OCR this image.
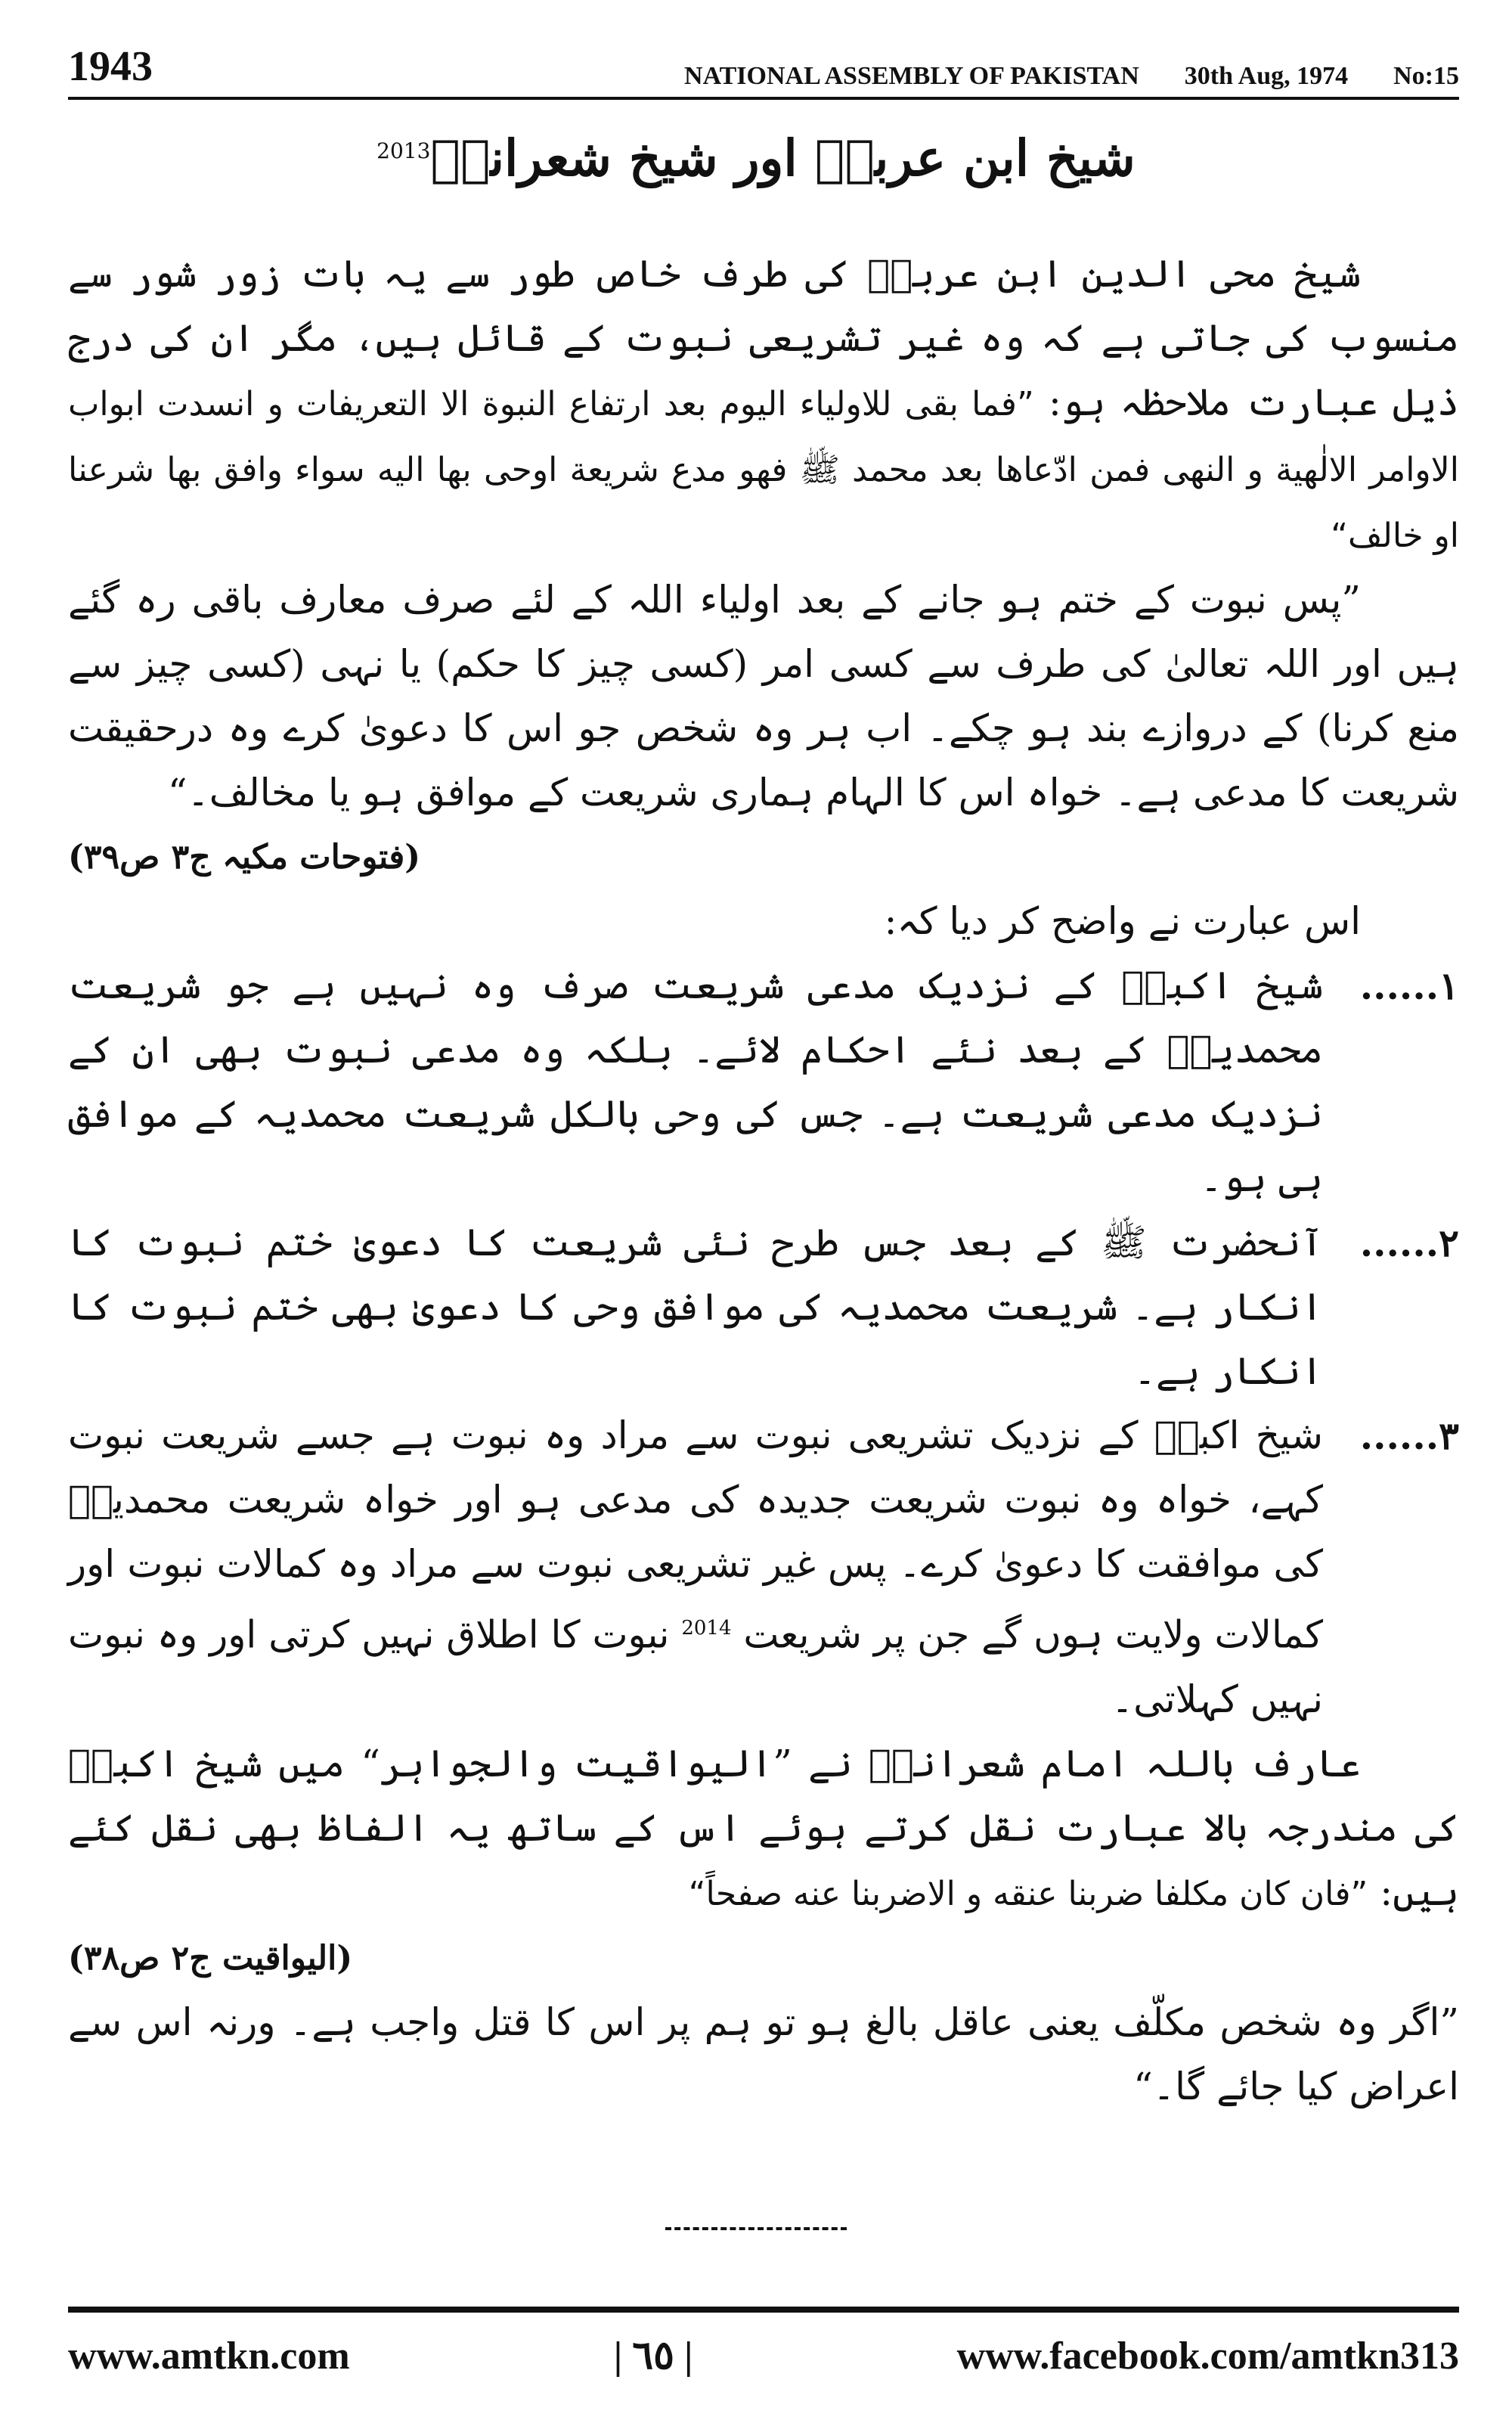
1943	NATIONAL ASSEMBLY OF PAKISTAN 30th Aug, 1974 No:15
شیخ ابن عربیؒ اور شیخ شعرانیؒ$^{2013}$

شیخ محی الدین ابن عربیؒ کی طرف خاص طور سے یہ بات زور شور سے منسوب کی جاتی ہے کہ وہ غیر تشریعی نبوت کے قائل ہیں، مگر ان کی درج ذیل عبارت ملاحظہ ہو: ”فما بقی للاولیاء الیوم بعد ارتفاع النبوة الا التعریفات و انسدت ابواب الاوامر الالٰهیة و النهی فمن ادّعاها بعد محمد ﷺ فهو مدع شریعة اوحی بها الیه سواء وافق بها شرعنا او خالف“

”پس نبوت کے ختم ہو جانے کے بعد اولیاء اللہ کے لئے صرف معارف باقی رہ گئے ہیں اور اللہ تعالیٰ کی طرف سے کسی امر (کسی چیز کا حکم) یا نہی (کسی چیز سے منع کرنا) کے دروازے بند ہو چکے۔ اب ہر وہ شخص جو اس کا دعویٰ کرے وہ درحقیقت شریعت کا مدعی ہے۔ خواہ اس کا الہام ہماری شریعت کے موافق ہو یا مخالف۔“

(فتوحات مکیہ ج۳ ص۳۹)

اس عبارت نے واضح کر دیا کہ:

۱......
شیخ اکبرؒ کے نزدیک مدعی شریعت صرف وہ نہیں ہے جو شریعت محمدیہؐ کے بعد نئے احکام لائے۔ بلکہ وہ مدعی نبوت بھی ان کے نزدیک مدعی شریعت ہے۔ جس کی وحی بالکل شریعت محمدیہ کے موافق ہی ہو۔
۲......
آنحضرت ﷺ کے بعد جس طرح نئی شریعت کا دعویٰ ختم نبوت کا انکار ہے۔ شریعت محمدیہ کی موافق وحی کا دعویٰ بھی ختم نبوت کا انکار ہے۔
۳......
شیخ اکبرؒ کے نزدیک تشریعی نبوت سے مراد وہ نبوت ہے جسے شریعت نبوت کہے، خواہ وہ نبوت شریعت جدیدہ کی مدعی ہو اور خواہ شریعت محمدیہؐ کی موافقت کا دعویٰ کرے۔ پس غیر تشریعی نبوت سے مراد وہ کمالات نبوت اور کمالات ولایت ہوں گے جن پر شریعت $^{2014}$ نبوت کا اطلاق نہیں کرتی اور وہ نبوت نہیں کہلاتی۔

عارف باللہ امام شعرانیؒ نے ”الیواقیت والجواہر“ میں شیخ اکبرؒ کی مندرجہ بالا عبارت نقل کرتے ہوئے اس کے ساتھ یہ الفاظ بھی نقل کئے ہیں: ”فان كان مكلفا ضربنا عنقه و الاضربنا عنه صفحاً“

(الیواقیت ج۲ ص۳۸)

”اگر وہ شخص مکلّف یعنی عاقل بالغ ہو تو ہم پر اس کا قتل واجب ہے۔ ورنہ اس سے اعراض کیا جائے گا۔“

www.amtkn.com	| ٦٥ |	www.facebook.com/amtkn313
